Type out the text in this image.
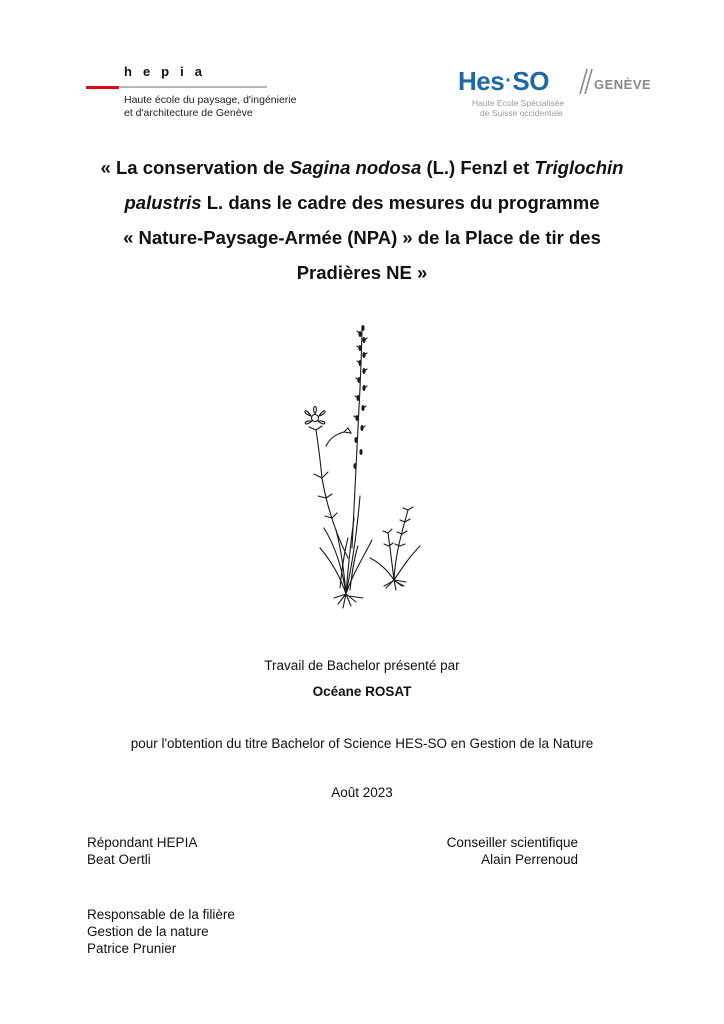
hepia
Haute école du paysage, d'ingénierie
et d'architecture de Genève
Hes·SO	GENÈVE
Haute Ecole Spécialisée
de Suisse occidentale
« La conservation de Sagina nodosa (L.) Fenzl et Triglochin
palustris L. dans le cadre des mesures du programme
« Nature-Paysage-Armée (NPA) » de la Place de tir des
Pradières NE »
Travail de Bachelor présenté par
Océane ROSAT
pour l'obtention du titre Bachelor of Science HES-SO en Gestion de la Nature
Août 2023
Répondant HEPIA
Beat Oertli
Conseiller scientifique
Alain Perrenoud
Responsable de la filière
Gestion de la nature
Patrice Prunier
